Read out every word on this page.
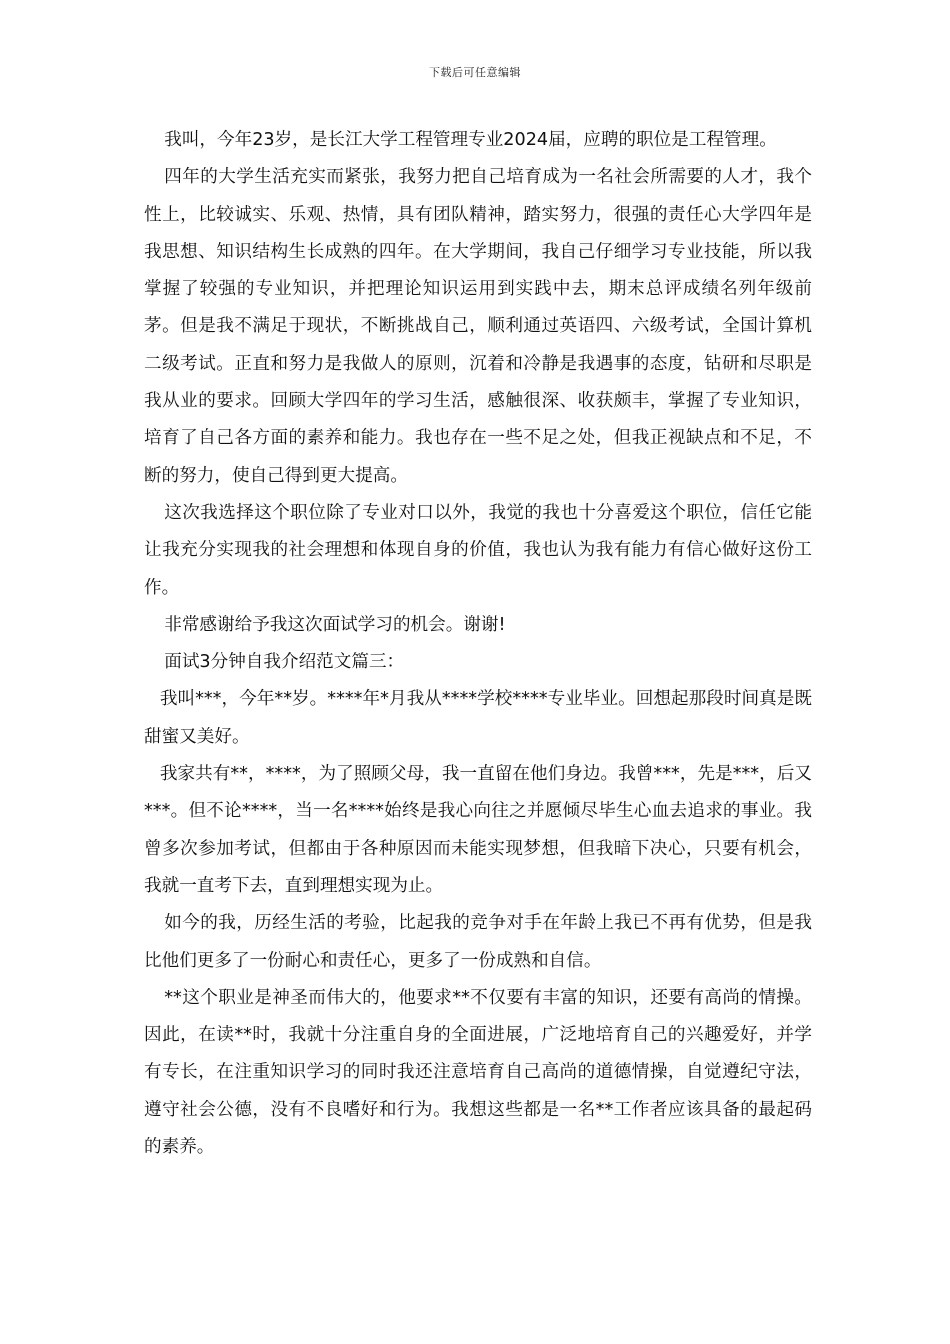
下载后可任意编辑

我叫，今年23岁，是长江大学工程管理专业2024届，应聘的职位是工程管理。

四年的大学生活充实而紧张，我努力把自己培育成为一名社会所需要的人才，我个性上，比较诚实、乐观、热情，具有团队精神，踏实努力，很强的责任心大学四年是我思想、知识结构生长成熟的四年。在大学期间，我自己仔细学习专业技能，所以我掌握了较强的专业知识，并把理论知识运用到实践中去，期末总评成绩名列年级前茅。但是我不满足于现状，不断挑战自己，顺利通过英语四、六级考试，全国计算机二级考试。正直和努力是我做人的原则，沉着和冷静是我遇事的态度，钻研和尽职是我从业的要求。回顾大学四年的学习生活，感触很深、收获颇丰，掌握了专业知识，培育了自己各方面的素养和能力。我也存在一些不足之处，但我正视缺点和不足，不断的努力，使自己得到更大提高。

这次我选择这个职位除了专业对口以外，我觉的我也十分喜爱这个职位，信任它能让我充分实现我的社会理想和体现自身的价值，我也认为我有能力有信心做好这份工作。

非常感谢给予我这次面试学习的机会。谢谢!

面试3分钟自我介绍范文篇三：

我叫***，今年**岁。****年*月我从****学校****专业毕业。回想起那段时间真是既甜蜜又美好。

我家共有**，****，为了照顾父母，我一直留在他们身边。我曾***，先是***，后又***。但不论****，当一名****始终是我心向往之并愿倾尽毕生心血去追求的事业。我曾多次参加考试，但都由于各种原因而未能实现梦想，但我暗下决心，只要有机会，我就一直考下去，直到理想实现为止。

如今的我，历经生活的考验，比起我的竞争对手在年龄上我已不再有优势，但是我比他们更多了一份耐心和责任心，更多了一份成熟和自信。

**这个职业是神圣而伟大的，他要求**不仅要有丰富的知识，还要有高尚的情操。因此，在读**时，我就十分注重自身的全面进展，广泛地培育自己的兴趣爱好，并学有专长，在注重知识学习的同时我还注意培育自己高尚的道德情操，自觉遵纪守法，遵守社会公德，没有不良嗜好和行为。我想这些都是一名**工作者应该具备的最起码的素养。
